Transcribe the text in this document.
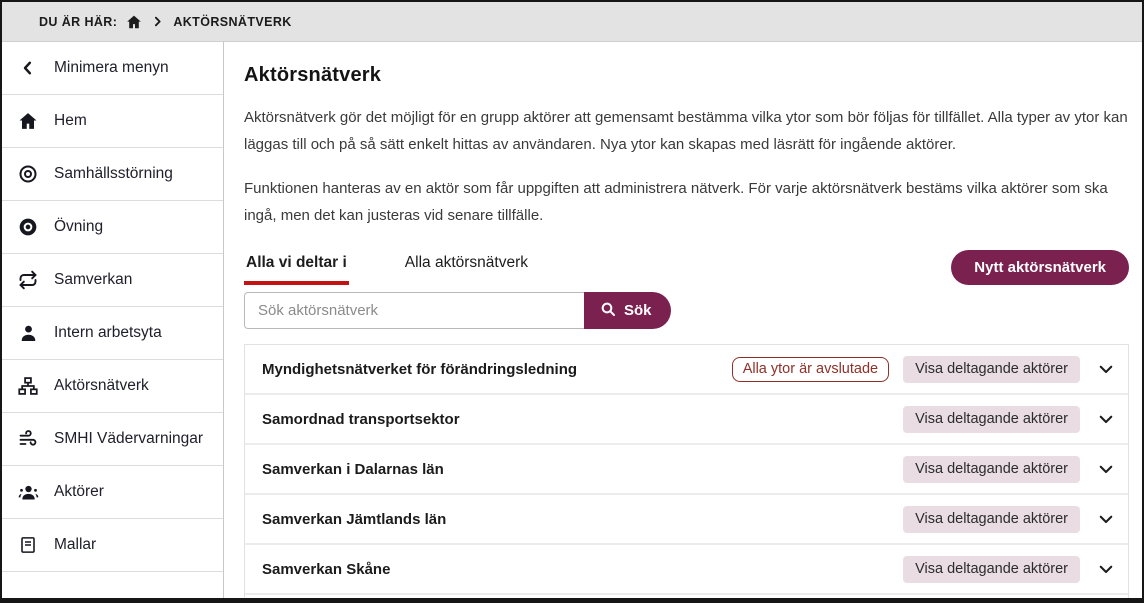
DU ÄR HÄR:	AKTÖRSNÄTVERK
Minimera menyn
Hem
Samhällsstörning
Övning
Samverkan
Intern arbetsyta
Aktörsnätverk
SMHI Vädervarningar
Aktörer
Mallar
Aktörsnätverk

Aktörsnätverk gör det möjligt för en grupp aktörer att gemensamt bestämma vilka ytor som bör följas för tillfället. Alla typer av ytor kan läggas till och på så sätt enkelt hittas av användaren. Nya ytor kan skapas med läsrätt för ingående aktörer.

Funktionen hanteras av en aktör som får uppgiften att administrera nätverk. För varje aktörsnätverk bestäms vilka aktörer som ska ingå, men det kan justeras vid senare tillfälle.

Alla vi deltar i	Alla aktörsnätverk	Nytt aktörsnätverk
Sök aktörsnätverk
Sök
Myndighetsnätverket för förändringsledning	Alla ytor är avslutade	Visa deltagande aktörer
Samordnad transportsektor	Visa deltagande aktörer
Samverkan i Dalarnas län	Visa deltagande aktörer
Samverkan Jämtlands län	Visa deltagande aktörer
Samverkan Skåne	Visa deltagande aktörer
